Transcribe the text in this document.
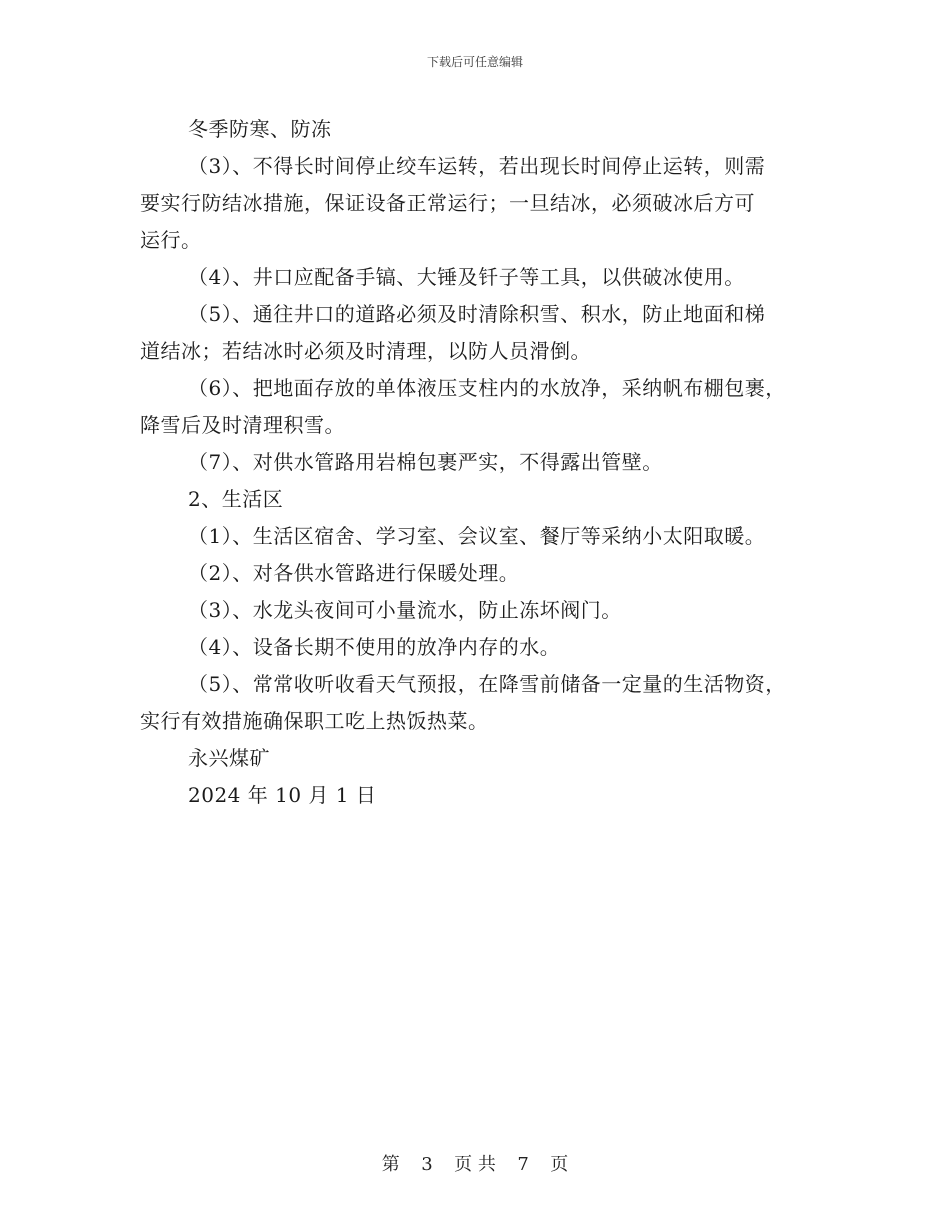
下载后可任意编辑
冬季防寒、防冻
（3）、不得长时间停止绞车运转，若出现长时间停止运转，则需
要实行防结冰措施，保证设备正常运行；一旦结冰，必须破冰后方可
运行。
（4）、井口应配备手镐、大锤及钎子等工具，以供破冰使用。
（5）、通往井口的道路必须及时清除积雪、积水，防止地面和梯
道结冰；若结冰时必须及时清理，以防人员滑倒。
（6）、把地面存放的单体液压支柱内的水放净，采纳帆布棚包裹，
降雪后及时清理积雪。
（7）、对供水管路用岩棉包裹严实，不得露出管壁。
2、生活区
（1）、生活区宿舍、学习室、会议室、餐厅等采纳小太阳取暖。
（2）、对各供水管路进行保暖处理。
（3）、水龙头夜间可小量流水，防止冻坏阀门。
（4）、设备长期不使用的放净内存的水。
（5）、常常收听收看天气预报，在降雪前储备一定量的生活物资，
实行有效措施确保职工吃上热饭热菜。
永兴煤矿
2024 年 10 月 1 日
第 3 页 共 7 页
